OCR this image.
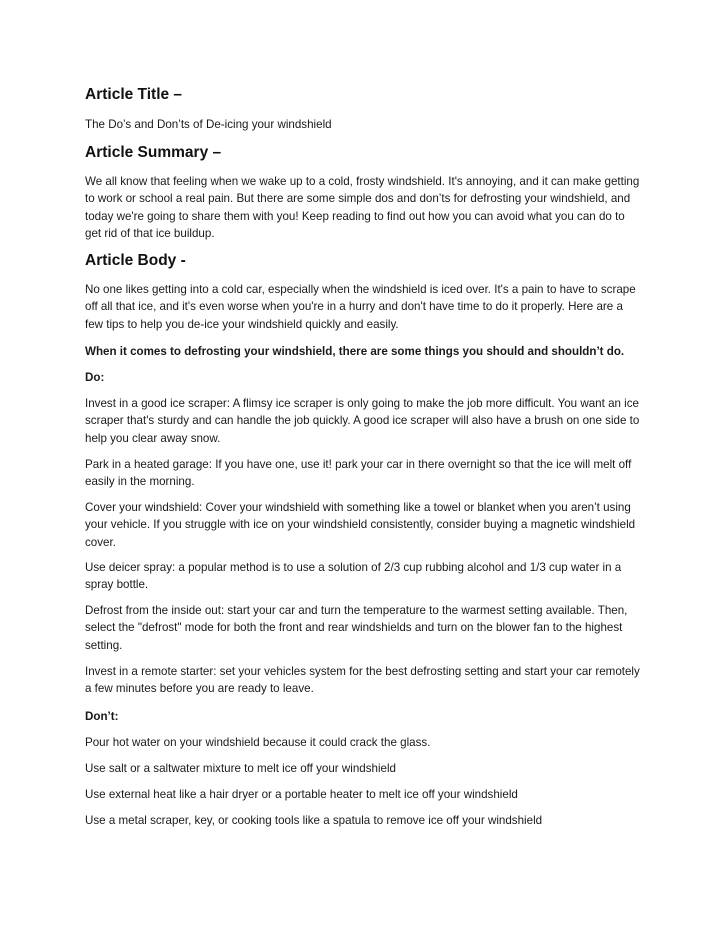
Article Title –

The Do’s and Don’ts of De-icing your windshield

Article Summary –

We all know that feeling when we wake up to a cold, frosty windshield. It's annoying, and it can make getting to work or school a real pain. But there are some simple dos and don’ts for defrosting your windshield, and today we're going to share them with you! Keep reading to find out how you can avoid what you can do to get rid of that ice buildup.

Article Body -

No one likes getting into a cold car, especially when the windshield is iced over. It's a pain to have to scrape off all that ice, and it's even worse when you're in a hurry and don't have time to do it properly. Here are a few tips to help you de-ice your windshield quickly and easily.

When it comes to defrosting your windshield, there are some things you should and shouldn’t do.

Do:

Invest in a good ice scraper: A flimsy ice scraper is only going to make the job more difficult. You want an ice scraper that's sturdy and can handle the job quickly. A good ice scraper will also have a brush on one side to help you clear away snow.

Park in a heated garage: If you have one, use it! park your car in there overnight so that the ice will melt off easily in the morning.

Cover your windshield: Cover your windshield with something like a towel or blanket when you aren’t using your vehicle. If you struggle with ice on your windshield consistently, consider buying a magnetic windshield cover.

Use deicer spray: a popular method is to use a solution of 2/3 cup rubbing alcohol and 1/3 cup water in a spray bottle.

Defrost from the inside out: start your car and turn the temperature to the warmest setting available. Then, select the "defrost" mode for both the front and rear windshields and turn on the blower fan to the highest setting.

Invest in a remote starter: set your vehicles system for the best defrosting setting and start your car remotely a few minutes before you are ready to leave.

Don’t:

Pour hot water on your windshield because it could crack the glass.

Use salt or a saltwater mixture to melt ice off your windshield

Use external heat like a hair dryer or a portable heater to melt ice off your windshield

Use a metal scraper, key, or cooking tools like a spatula to remove ice off your windshield
